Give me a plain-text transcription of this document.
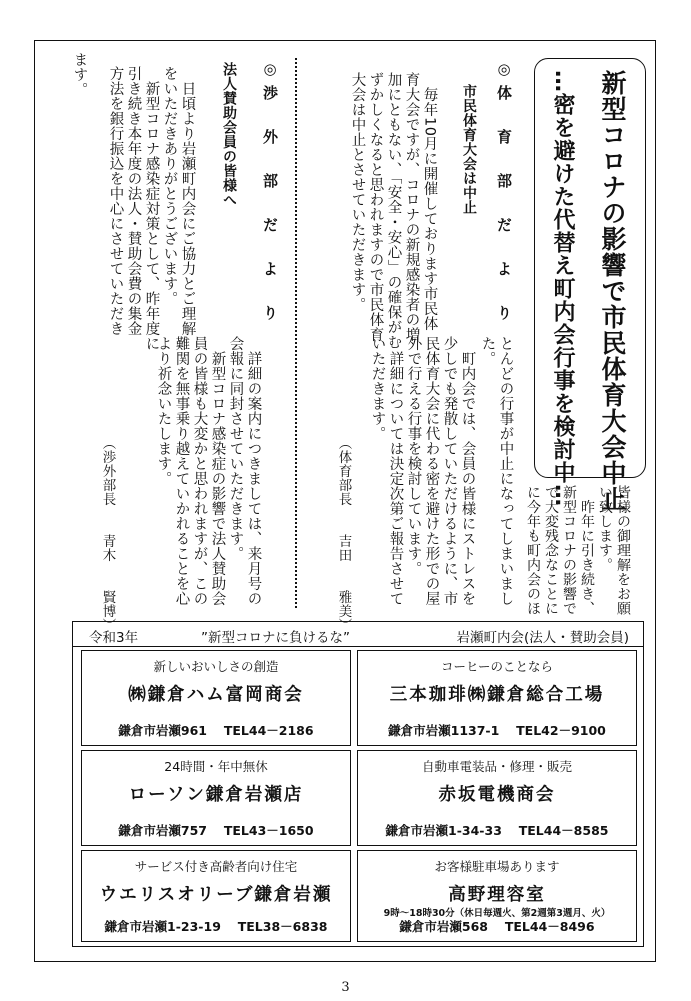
新型コロナの影響で市民体育大会中止
…密を避けた代替え町内会行事を検討中…
皆様の御理解をお願
い致します。
　昨年に引き続き、
新型コロナの影響で
で大変残念なことに
に今年も町内会のほ
◎体　育　部　だ　よ　り
市民体育大会は中止
　毎年10月に開催しております市民体
育大会ですが、コロナの新規感染者の増
加にともない、「安全・安心」の確保がむ
ずかしくなると思われますので市民体育
大会は中止とさせていただきます。
とんどの行事が中止になってしまいまし
た。
　町内会では、会員の皆様にストレスを
少しでも発散していただけるように、市
民体育大会に代わる密を避けた形での屋
外で行える行事を検討しています。
　詳細については決定次第ご報告させて
いただきます。
（体育部長　　吉田　　雅美）
◎渉　外　部　だ　よ　り
法人賛助会員の皆様へ
　日頃より岩瀬町内会にご協力とご理解
をいただきありがとうございます。
　新型コロナ感染症対策として、昨年度に
引き続き本年度の法人・賛助会費の集金
方法を銀行振込を中心にさせていただき
ます。
　詳細の案内につきましては、来月号の
会報に同封させていただきます。
　新型コロナ感染症の影響で法人賛助会
員の皆様も大変かと思われますが、この
難関を無事乗り越えていかれることを心
より祈念いたします。
（渉外部長　　青木　　賢博）
令和3年	”新型コロナに負けるな”	岩瀬町内会(法人・賛助会員)
新しいおいしさの創造
㈱鎌倉ハム富岡商会
鎌倉市岩瀬961　 TEL44－2186
コーヒーのことなら
三本珈琲㈱鎌倉総合工場
鎌倉市岩瀬1137-1　 TEL42－9100
24時間・年中無休
ローソン鎌倉岩瀬店
鎌倉市岩瀬757　 TEL43－1650
自動車電装品・修理・販売
赤坂電機商会
鎌倉市岩瀬1-34-33　 TEL44－8585
サービス付き高齢者向け住宅
ウエリスオリーブ鎌倉岩瀬
鎌倉市岩瀬1-23-19　 TEL38－6838
お客様駐車場あります
高野理容室
9時～18時30分（休日毎週火、第2週第3週月、火）
鎌倉市岩瀬568　 TEL44－8496
3
